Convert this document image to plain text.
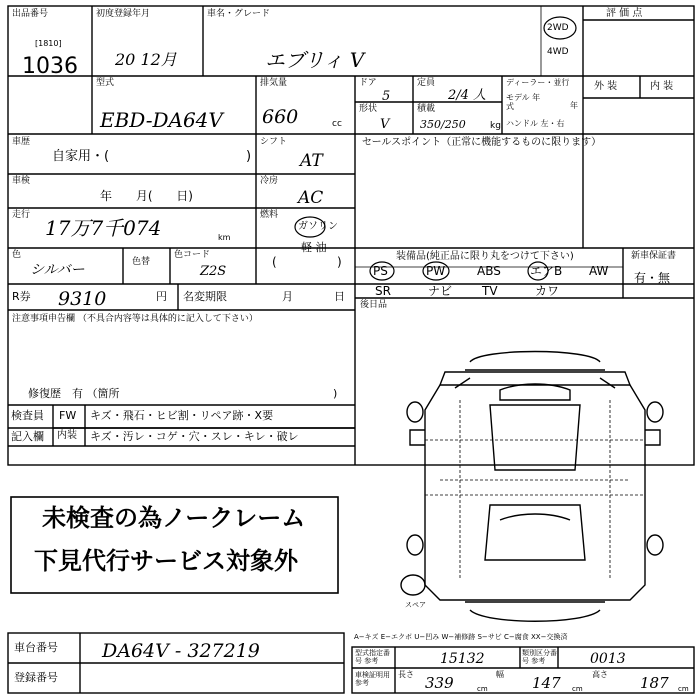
出品番号
[1810]
1036
初度登録年月
20 12月
車名・グレード
エブリィ V
2WD
4WD
評 価 点
型式
EBD-DA64V
排気量
660	cc
ドア
5
定員
2/4 人
形状
V
積載
350/250	kg
ディーラー・並行
モデル 年式	年
ハンドル 左・右
外 装	内 装
車歴
自家用・(	)
シフト
AT
セールスポイント（正常に機能するものに限ります）
車検
年 月( 日)
冷房
AC
走行
17万7千074	km
燃料
ガソリン
(
軽 油
)
色
シルバー	色替
色コード
Z2S
装備品(純正品に限り丸をつけて下さい)
PS	PW	ABS エアB AW
SR	ナビ TV	カワ
新車保証書
有・無
R券 9310	円 名変期限	月	日
後日品
注意事項申告欄 （不具合内容等は具体的に記入して下さい）
修復歴　有 （箇所	)
検査員
記入欄
FW キズ・飛石・ヒビ割・リペア跡・X要
内装 キズ・汚レ・コゲ・穴・スレ・キレ・破レ
未検査の為ノークレーム
下見代行サービス対象外
スペア
A−キズ E−エクボ U−凹み W−補修跡 S−サビ C−腐食 XX−交換済
車台番号 DA64V - 327219
登録番号
型式指定番号 参考	15132	類別区分番号 参考	0013
車検証明用 参考
長さ 339	cm
幅 147 cm
高さ 187 cm
